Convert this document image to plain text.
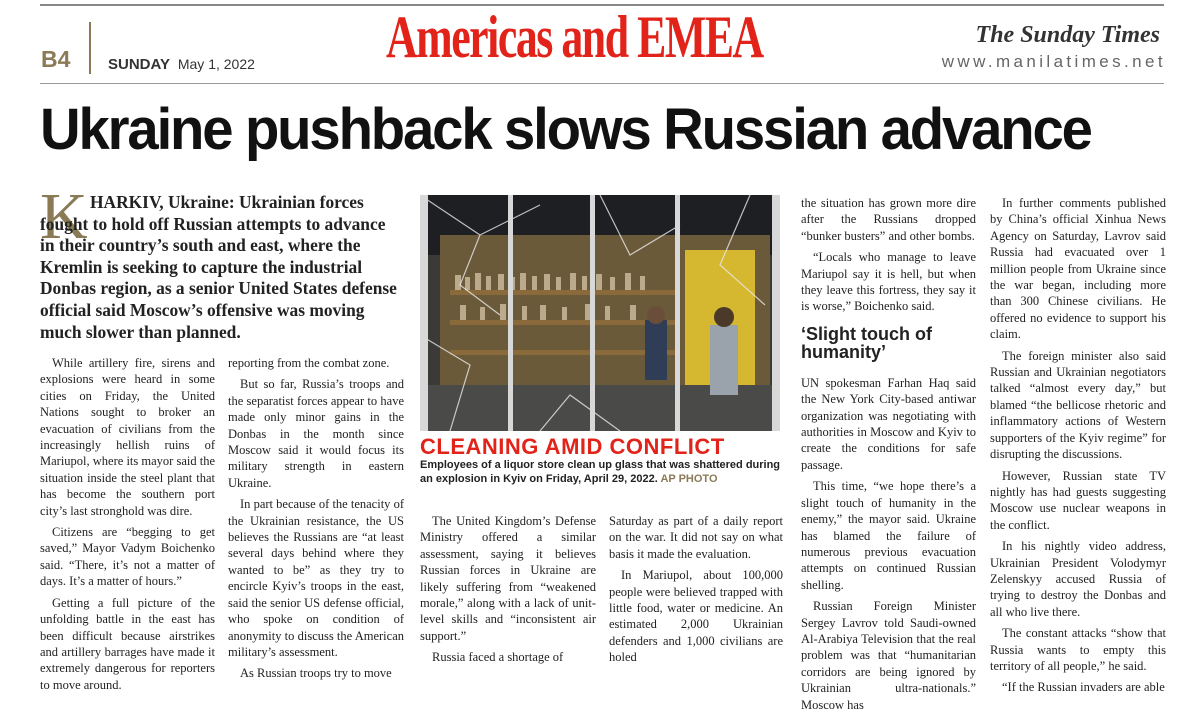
B4	SUNDAY May 1, 2022 Americas and EMEA	The Sunday Times
www.manilatimes.net
Ukraine pushback slows Russian advance
K HARKIV, Ukraine: Ukrainian forces fought to hold off Russian attempts to advance in their country’s south and east, where the Kremlin is seeking to capture the industrial Donbas region, as a senior United States defense official said Moscow’s offensive was moving much slower than planned.

While artillery fire, sirens and explosions were heard in some cities on Friday, the United Nations sought to broker an evacuation of civilians from the increasingly hellish ruins of Mariupol, where its mayor said the situation inside the steel plant that has become the southern port city’s last stronghold was dire.

Citizens are “begging to get saved,” Mayor Vadym Boichenko said. “There, it’s not a matter of days. It’s a matter of hours.”

Getting a full picture of the unfolding battle in the east has been difficult because airstrikes and artillery barrages have made it extremely dangerous for reporters to move around.

reporting from the combat zone.

But so far, Russia’s troops and the separatist forces appear to have made only minor gains in the Donbas in the month since Moscow said it would focus its military strength in eastern Ukraine.

In part because of the tenacity of the Ukrainian resistance, the US believes the Russians are “at least several days behind where they wanted to be” as they try to encircle Kyiv’s troops in the east, said the senior US defense official, who spoke on condition of anonymity to discuss the American military’s assessment.

As Russian troops try to move

CLEANING AMID CONFLICT Employees of a liquor store clean up glass that was shattered during an explosion in Kyiv on Friday, April 29, 2022. AP PHOTO

The United Kingdom’s Defense Ministry offered a similar assessment, saying it believes Russian forces in Ukraine are likely suffering from “weakened morale,” along with a lack of unit-level skills and “inconsistent air support.”

Russia faced a shortage of

Saturday as part of a daily report on the war. It did not say on what basis it made the evaluation.

In Mariupol, about 100,000 people were believed trapped with little food, water or medicine. An estimated 2,000 Ukrainian defenders and 1,000 civilians are holed

the situation has grown more dire after the Russians dropped “bunker busters” and other bombs.

“Locals who manage to leave Mariupol say it is hell, but when they leave this fortress, they say it is worse,” Boichenko said.

‘Slight touch of humanity’

UN spokesman Farhan Haq said the New York City-based antiwar organization was negotiating with authorities in Moscow and Kyiv to create the conditions for safe passage.

This time, “we hope there’s a slight touch of humanity in the enemy,” the mayor said. Ukraine has blamed the failure of numerous previous evacuation attempts on continued Russian shelling.

Russian Foreign Minister Sergey Lavrov told Saudi-owned Al-Arabiya Television that the real problem was that “humanitarian corridors are being ignored by Ukrainian ultra-nationals.” Moscow has

In further comments published by China’s official Xinhua News Agency on Saturday, Lavrov said Russia had evacuated over 1 million people from Ukraine since the war began, including more than 300 Chinese civilians. He offered no evidence to support his claim.

The foreign minister also said Russian and Ukrainian negotiators talked “almost every day,” but blamed “the bellicose rhetoric and inflammatory actions of Western supporters of the Kyiv regime” for disrupting the discussions.

However, Russian state TV nightly has had guests suggesting Moscow use nuclear weapons in the conflict.

In his nightly video address, Ukrainian President Volodymyr Zelenskyy accused Russia of trying to destroy the Donbas and all who live there.

The constant attacks “show that Russia wants to empty this territory of all people,” he said.

“If the Russian invaders are able
